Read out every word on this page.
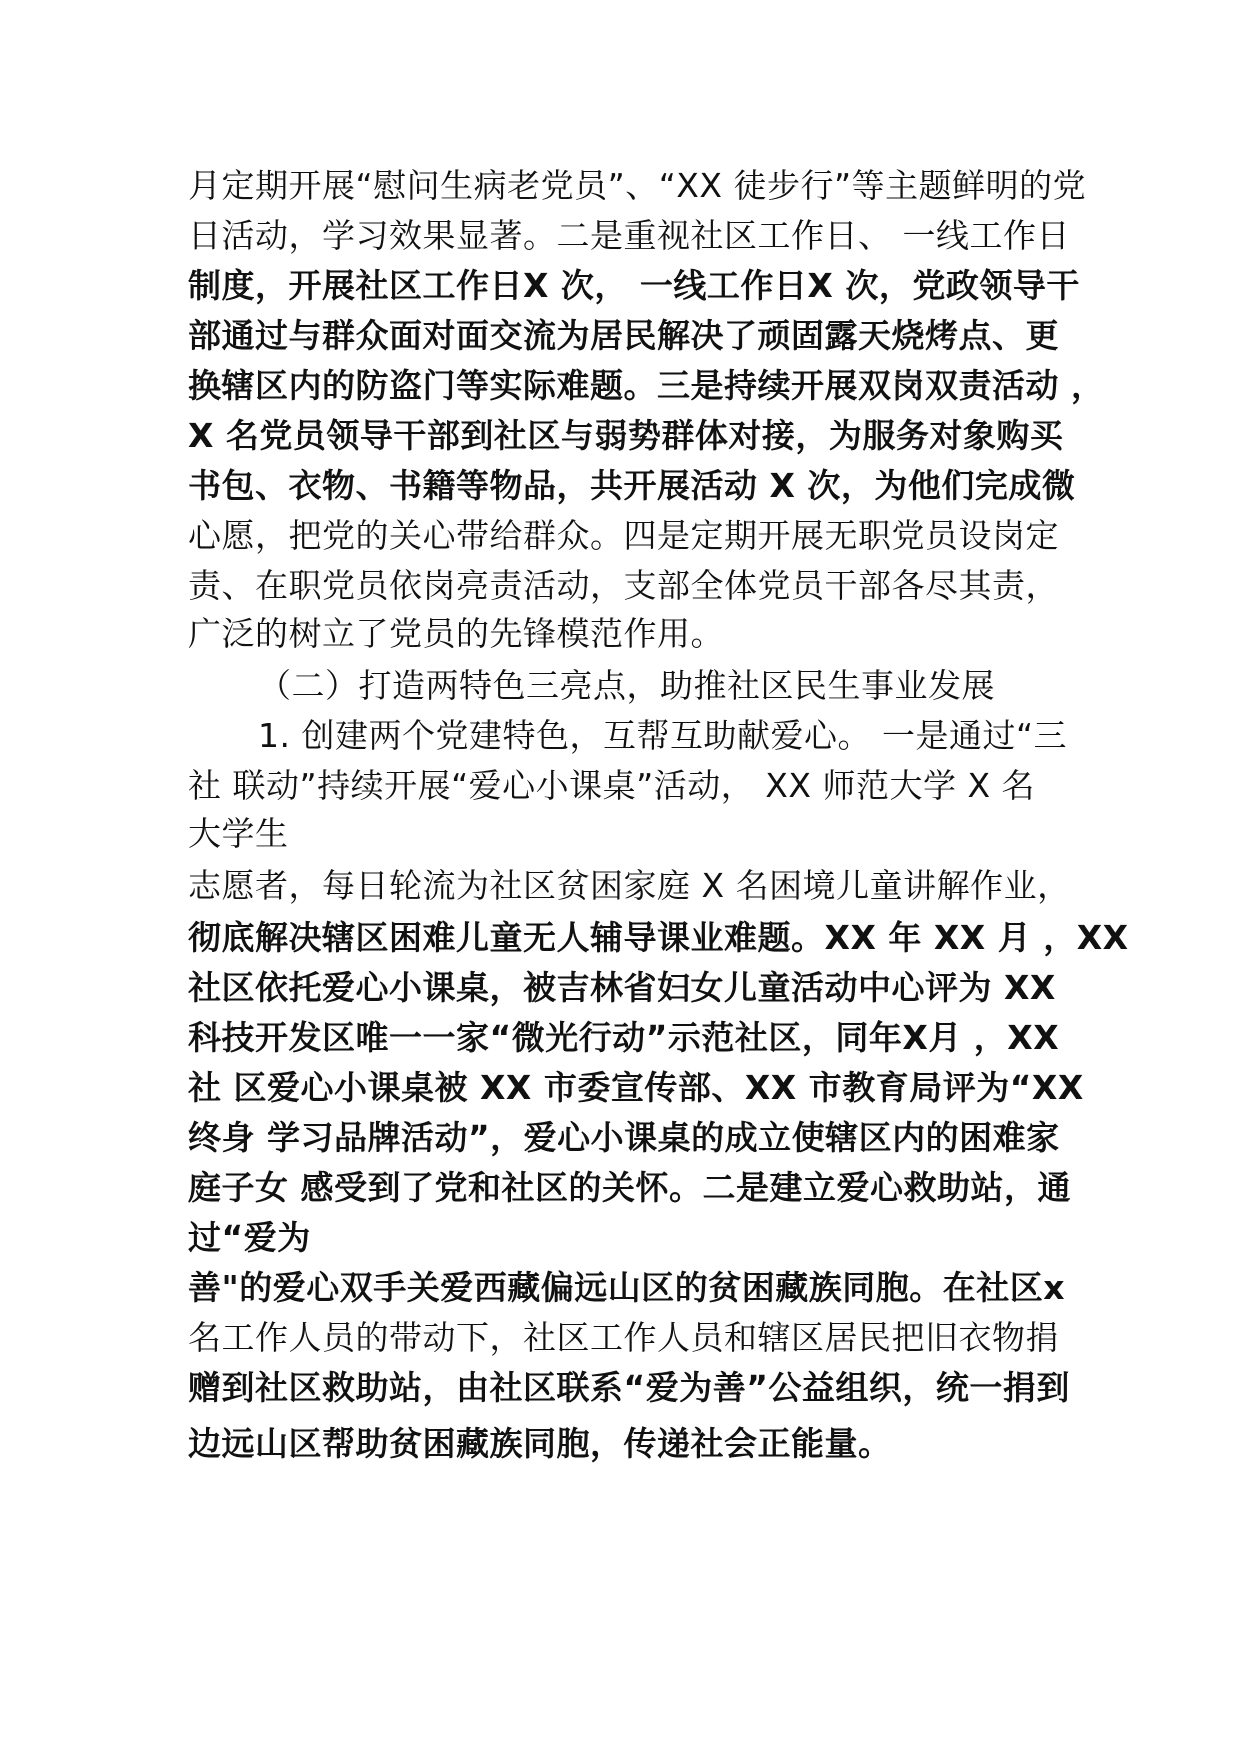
月定期开展“慰问生病老党员”、“XX 徒步行”等主题鲜明的党

日活动，学习效果显著。二是重视社区工作日、 一线工作日

制度，开展社区工作日X 次， 一线工作日X 次，党政领导干

部通过与群众面对面交流为居民解决了顽固露天烧烤点、更

换辖区内的防盗门等实际难题。三是持续开展双岗双责活动 ，

X 名党员领导干部到社区与弱势群体对接，为服务对象购买

书包、衣物、书籍等物品，共开展活动 X 次，为他们完成微

心愿，把党的关心带给群众。四是定期开展无职党员设岗定

责、在职党员依岗亮责活动，支部全体党员干部各尽其责，

广泛的树立了党员的先锋模范作用。

（二）打造两特色三亮点，助推社区民生事业发展

1. 创建两个党建特色，互帮互助献爱心。 一是通过“三

社 联动”持续开展“爱心小课桌”活动， XX 师范大学 X 名

大学生

志愿者，每日轮流为社区贫困家庭 X 名困境儿童讲解作业，

彻底解决辖区困难儿童无人辅导课业难题。XX 年 XX 月 ，XX

社区依托爱心小课桌，被吉林省妇女儿童活动中心评为 XX

科技开发区唯一一家“微光行动”示范社区，同年X月 ，XX

社 区爱心小课桌被 XX 市委宣传部、XX 市教育局评为“XX

终身 学习品牌活动”，爱心小课桌的成立使辖区内的困难家

庭子女 感受到了党和社区的关怀。二是建立爱心救助站，通

过“爱为

善"的爱心双手关爱西藏偏远山区的贫困藏族同胞。在社区x

名工作人员的带动下，社区工作人员和辖区居民把旧衣物捐

赠到社区救助站，由社区联系“爱为善”公益组织，统一捐到

边远山区帮助贫困藏族同胞，传递社会正能量。
